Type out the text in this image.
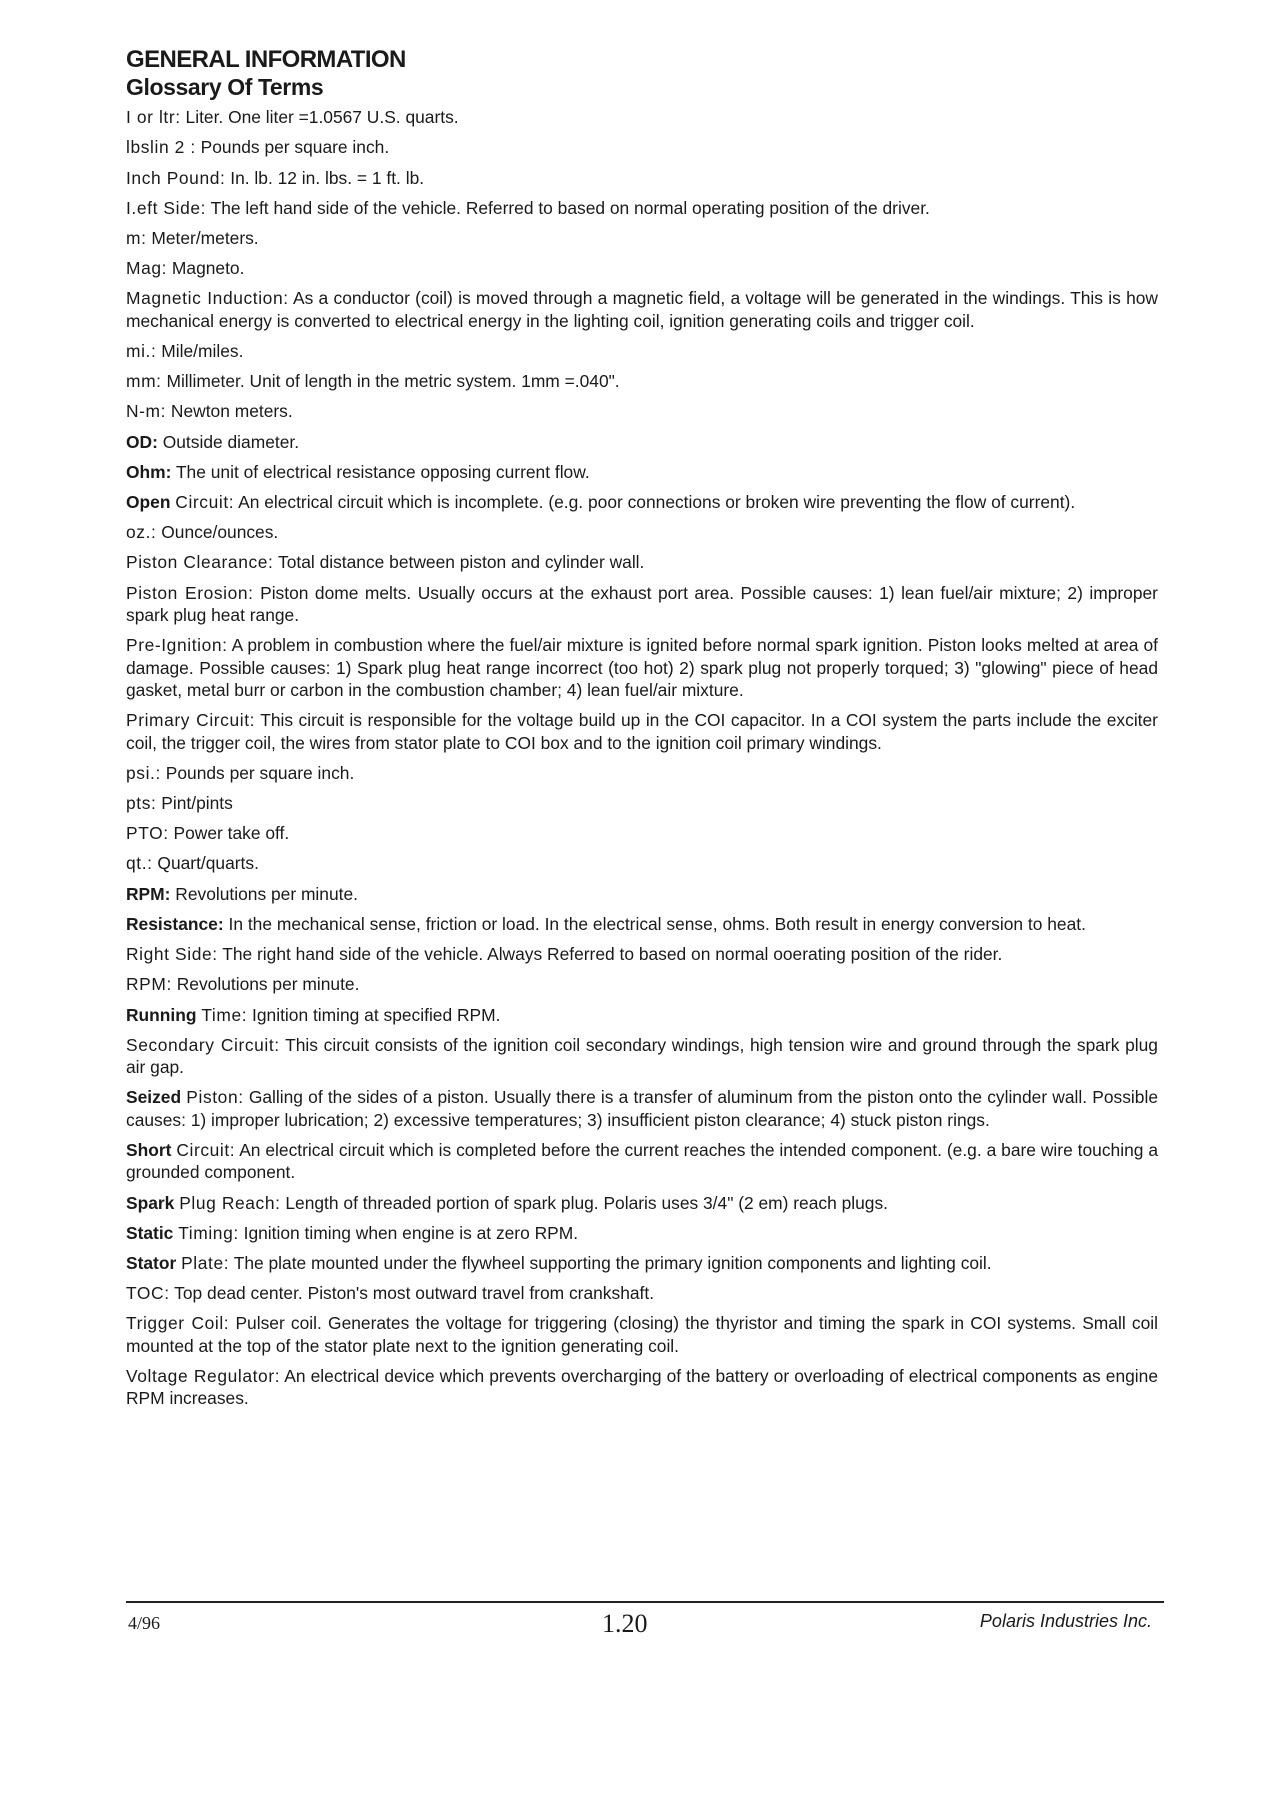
GENERAL INFORMATION
Glossary Of Terms
I or ltr: Liter. One liter =1.0567 U.S. quarts.
lbslin 2 : Pounds per square inch.
Inch Pound: In. lb. 12 in. lbs. = 1 ft. lb.
I.eft Side: The left hand side of the vehicle. Referred to based on normal operating position of the driver.
m: Meter/meters.
Mag: Magneto.
Magnetic Induction: As a conductor (coil) is moved through a magnetic field, a voltage will be generated in the windings. This is how mechanical energy is converted to electrical energy in the lighting coil, ignition generating coils and trigger coil.
mi.: Mile/miles.
mm: Millimeter. Unit of length in the metric system. 1mm =.040".
N-m: Newton meters.
OD: Outside diameter.
Ohm: The unit of electrical resistance opposing current flow.
Open Circuit: An electrical circuit which is incomplete. (e.g. poor connections or broken wire preventing the flow of current).
oz.: Ounce/ounces.
Piston Clearance: Total distance between piston and cylinder wall.
Piston Erosion: Piston dome melts. Usually occurs at the exhaust port area. Possible causes: 1) lean fuel/air mixture; 2) improper spark plug heat range.
Pre-Ignition: A problem in combustion where the fuel/air mixture is ignited before normal spark ignition. Piston looks melted at area of damage. Possible causes: 1) Spark plug heat range incorrect (too hot) 2) spark plug not properly torqued; 3) "glowing" piece of head gasket, metal burr or carbon in the combustion chamber; 4) lean fuel/air mixture.
Primary Circuit: This circuit is responsible for the voltage build up in the COI capacitor. In a COI system the parts include the exciter coil, the trigger coil, the wires from stator plate to COI box and to the ignition coil primary windings.
psi.: Pounds per square inch.
pts: Pint/pints
PTO: Power take off.
qt.: Quart/quarts.
RPM: Revolutions per minute.
Resistance: In the mechanical sense, friction or load. In the electrical sense, ohms. Both result in energy conversion to heat.
Right Side: The right hand side of the vehicle. Always Referred to based on normal ooerating position of the rider.
RPM: Revolutions per minute.
Running Time: Ignition timing at specified RPM.
Secondary Circuit: This circuit consists of the ignition coil secondary windings, high tension wire and ground through the spark plug air gap.
Seized Piston: Galling of the sides of a piston. Usually there is a transfer of aluminum from the piston onto the cylinder wall. Possible causes: 1) improper lubrication; 2) excessive temperatures; 3) insufficient piston clearance; 4) stuck piston rings.
Short Circuit: An electrical circuit which is completed before the current reaches the intended component. (e.g. a bare wire touching a grounded component.
Spark Plug Reach: Length of threaded portion of spark plug. Polaris uses 3/4" (2 em) reach plugs.
Static Timing: Ignition timing when engine is at zero RPM.
Stator Plate: The plate mounted under the flywheel supporting the primary ignition components and lighting coil.
TOC: Top dead center. Piston's most outward travel from crankshaft.
Trigger Coil: Pulser coil. Generates the voltage for triggering (closing) the thyristor and timing the spark in COI systems. Small coil mounted at the top of the stator plate next to the ignition generating coil.
Voltage Regulator: An electrical device which prevents overcharging of the battery or overloading of electrical components as engine RPM increases.
4/96	1.20	Polaris Industries Inc.
